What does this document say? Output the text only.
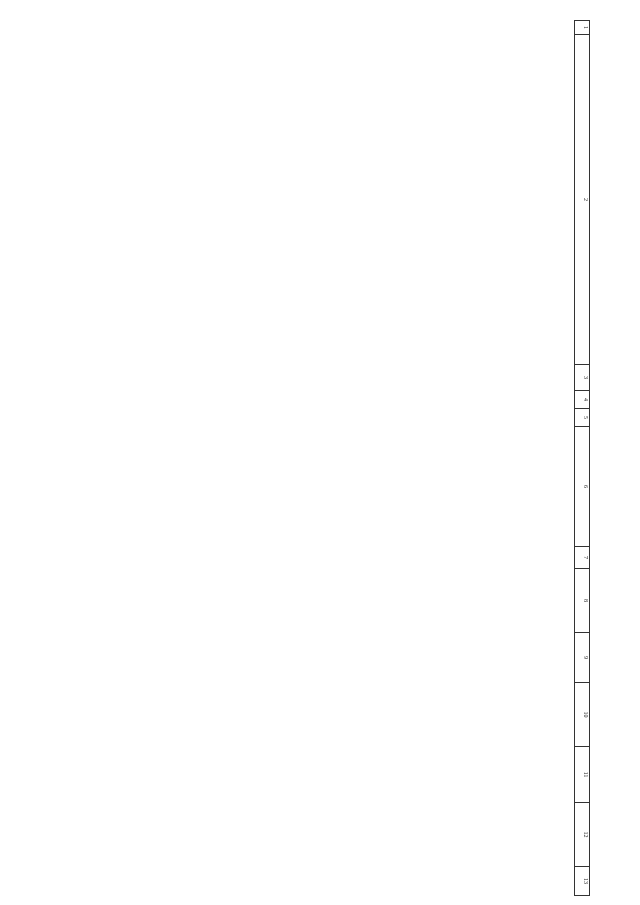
1	2	3	4	5	6	7	8	9	10	11	12	13
